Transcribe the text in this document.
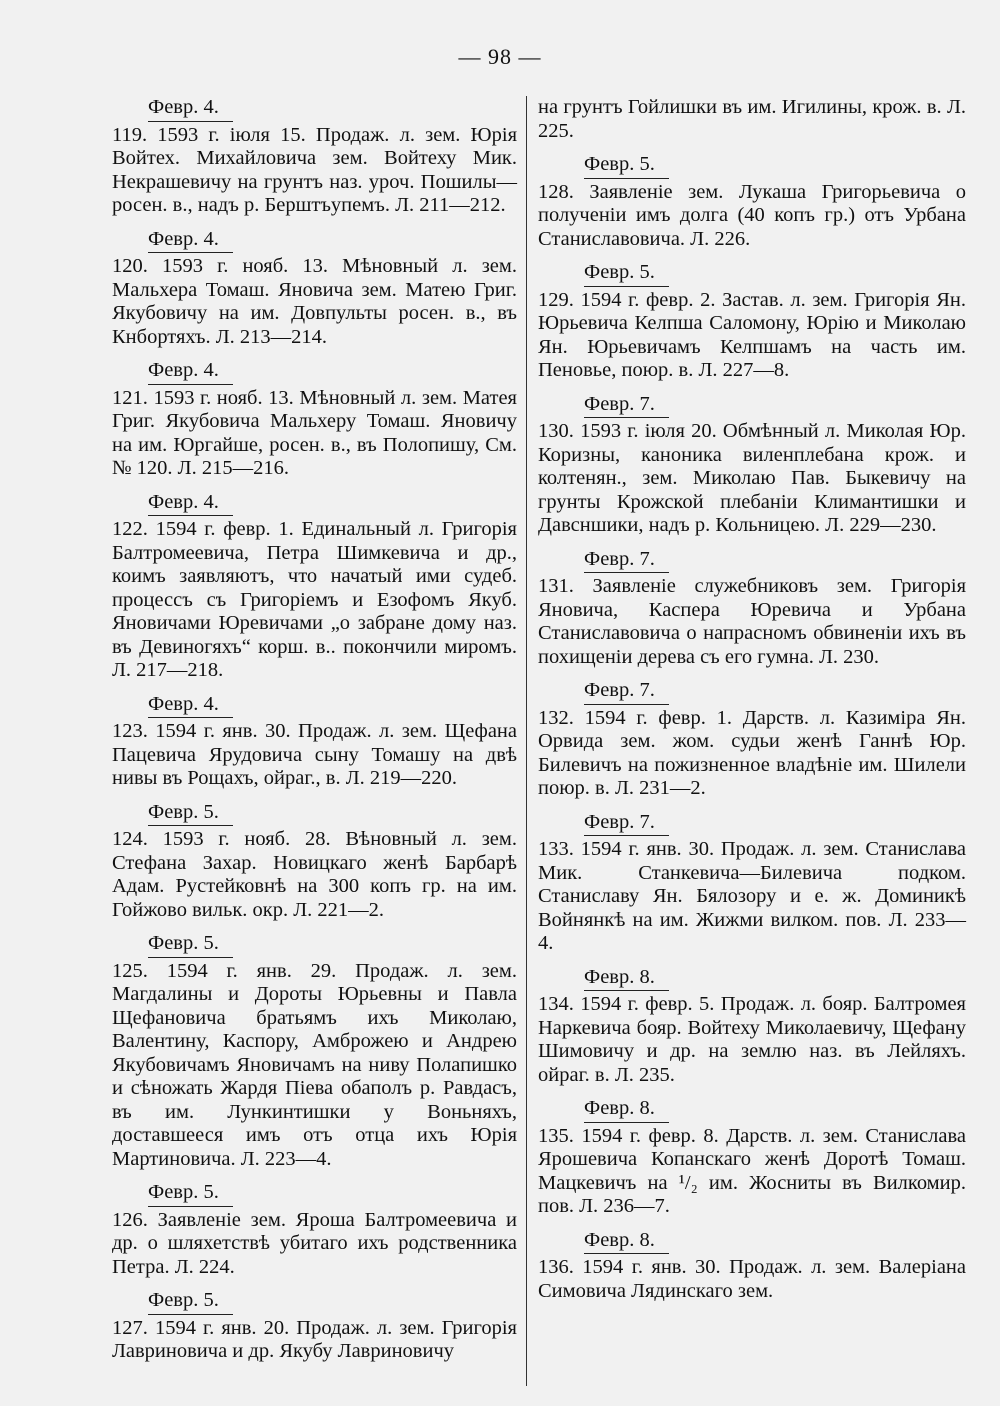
— 98 —
Февр. 4.
119. 1593 г. іюля 15. Продаж. л. зем. Юрія Войтех. Михайловича зем. Войтеху Мик. Некрашевичу на грунтъ наз. уроч. Пошилы—росен. в., надъ р. Берштъупемъ. Л. 211—212.
Февр. 4.
120. 1593 г. нояб. 13. Мѣновный л. зем. Мальхера Томаш. Яновича зем. Матею Григ. Якубовичу на им. Довпульты росен. в., въ Кнбортяхъ. Л. 213—214.
Февр. 4.
121. 1593 г. нояб. 13. Мѣновный л. зем. Матея Григ. Якубовича Мальхеру Томаш. Яновичу на им. Юргайше, росен. в., въ Полопишу, См. № 120. Л. 215—216.
Февр. 4.
122. 1594 г. февр. 1. Единальный л. Григорія Балтромеевича, Петра Шимкевича и др., коимъ заявляютъ, что начатый ими судеб. процессъ съ Григоріемъ и Езофомъ Якуб. Яновичами Юревичами „о забране дому наз. въ Девиногяхъ“ корш. в.. покончили миромъ. Л. 217—218.
Февр. 4.
123. 1594 г. янв. 30. Продаж. л. зем. Щефана Пацевича Ярудовича сыну Томашу на двѣ нивы въ Рощахъ, ойраг., в. Л. 219—220.
Февр. 5.
124. 1593 г. нояб. 28. Вѣновный л. зем. Стефана Захар. Новицкаго женѣ Барбарѣ Адам. Рустейковнѣ на 300 копъ гр. на им. Гойжово вильк. окр. Л. 221—2.
Февр. 5.
125. 1594 г. янв. 29. Продаж. л. зем. Магдалины и Дороты Юрьевны и Павла Щефановича братьямъ ихъ Миколаю, Валентину, Каспору, Амброжею и Андрею Якубовичамъ Яновичамъ на ниву Полапишко и сѣножать Жардя Піева обаполъ р. Равдасъ, въ им. Лункинтишки у Воньняхъ, доставшееся имъ отъ отца ихъ Юрія Мартиновича. Л. 223—4.
Февр. 5.
126. Заявленіе зем. Ярошa Балтромеевича и др. о шляхетствѣ убитаго ихъ родственника Петра. Л. 224.
Февр. 5.
127. 1594 г. янв. 20. Продаж. л. зем. Григорія Лавриновича и др. Якубу Лавриновичу
на грунтъ Гойлишки въ им. Игилины, крож. в. Л. 225.
Февр. 5.
128. Заявленіе зем. Лукаша Григорьевича о полученіи имъ долга (40 копъ гр.) отъ Урбана Станиславовича. Л. 226.
Февр. 5.
129. 1594 г. февр. 2. Застав. л. зем. Григорія Ян. Юрьевича Келпша Саломону, Юрію и Миколаю Ян. Юрьевичамъ Келпшамъ на часть им. Пеновье, поюр. в. Л. 227—8.
Февр. 7.
130. 1593 г. іюля 20. Обмѣнный л. Миколая Юр. Коризны, каноника виленплебана крож. и колтенян., зем. Миколаю Пав. Быкевичу на грунты Крожской плебаніи Климантишки и Давсншики, надъ р. Кольницею. Л. 229—230.
Февр. 7.
131. Заявленіе служебниковъ зем. Григорія Яновича, Каспера Юревича и Урбана Станиславовича о напрасномъ обвиненіи ихъ въ похищеніи дерева съ его гумна. Л. 230.
Февр. 7.
132. 1594 г. февр. 1. Дарств. л. Казиміра Ян. Орвида зем. жом. судьи женѣ Ганнѣ Юр. Билевичъ на пожизненное владѣніе им. Шилели поюр. в. Л. 231—2.
Февр. 7.
133. 1594 г. янв. 30. Продаж. л. зем. Станислава Мик. Станкевича—Билевича подком. Станиславу Ян. Бялозору и е. ж. Доминикѣ Войнянкѣ на им. Жижми вилком. пов. Л. 233—4.
Февр. 8.
134. 1594 г. февр. 5. Продаж. л. бояр. Балтромея Наркевича бояр. Войтеху Миколаевичу, Щефану Шимовичу и др. на землю наз. въ Лейляхъ. ойраг. в. Л. 235.
Февр. 8.
135. 1594 г. февр. 8. Дарств. л. зем. Станислава Ярошевича Копанскаго женѣ Доротѣ Томаш. Мацкевичъ на ¹/₂ им. Жосниты въ Вилкомир. пов. Л. 236—7.
Февр. 8.
136. 1594 г. янв. 30. Продаж. л. зем. Валеріана Симовича Лядинскаго зем.
